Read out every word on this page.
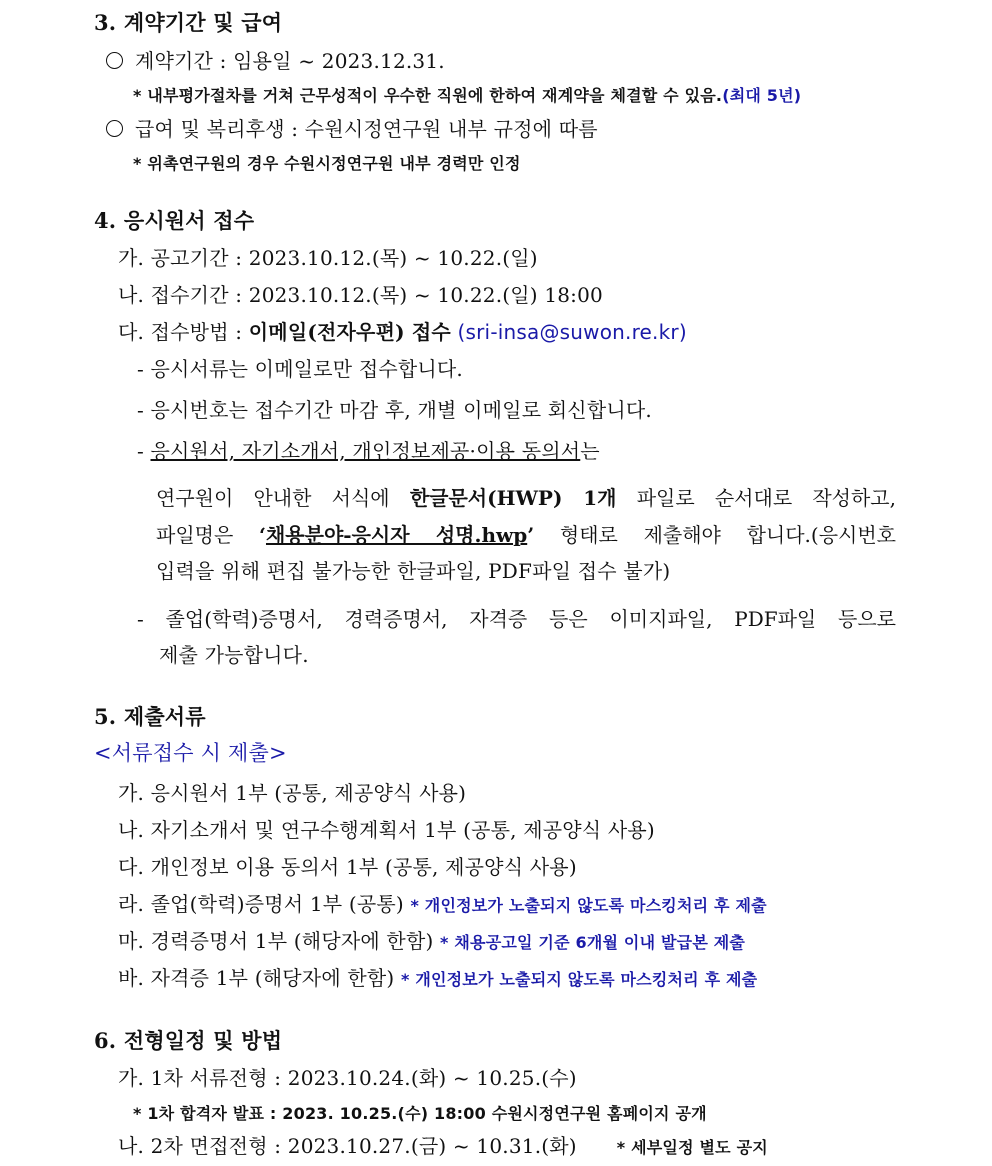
3. 계약기간 및 급여
계약기간 : 임용일 ~ 2023.12.31.
* 내부평가절차를 거쳐 근무성적이 우수한 직원에 한하여 재계약을 체결할 수 있음.(최대 5년)
급여 및 복리후생 : 수원시정연구원 내부 규정에 따름
* 위촉연구원의 경우 수원시정연구원 내부 경력만 인정
4. 응시원서 접수
가. 공고기간 : 2023.10.12.(목) ~ 10.22.(일)
나. 접수기간 : 2023.10.12.(목) ~ 10.22.(일) 18:00
다. 접수방법 : 이메일(전자우편) 접수 (sri-insa@suwon.re.kr)
- 응시서류는 이메일로만 접수합니다.
- 응시번호는 접수기간 마감 후, 개별 이메일로 회신합니다.
- 응시원서, 자기소개서, 개인정보제공·이용 동의서는
연구원이 안내한 서식에 한글문서(HWP) 1개 파일로 순서대로 작성하고,
파일명은 ‘채용분야-응시자 성명.hwp’ 형태로 제출해야 합니다.(응시번호
입력을 위해 편집 불가능한 한글파일, PDF파일 접수 불가)
- 졸업(학력)증명서, 경력증명서, 자격증 등은 이미지파일, PDF파일 등으로
제출 가능합니다.
5. 제출서류
<서류접수 시 제출>
가. 응시원서 1부 (공통, 제공양식 사용)
나. 자기소개서 및 연구수행계획서 1부 (공통, 제공양식 사용)
다. 개인정보 이용 동의서 1부 (공통, 제공양식 사용)
라. 졸업(학력)증명서 1부 (공통) * 개인정보가 노출되지 않도록 마스킹처리 후 제출
마. 경력증명서 1부 (해당자에 한함) * 채용공고일 기준 6개월 이내 발급본 제출
바. 자격증 1부 (해당자에 한함) * 개인정보가 노출되지 않도록 마스킹처리 후 제출
6. 전형일정 및 방법
가. 1차 서류전형 : 2023.10.24.(화) ~ 10.25.(수)
* 1차 합격자 발표 : 2023. 10.25.(수) 18:00 수원시정연구원 홈페이지 공개
나. 2차 면접전형 : 2023.10.27.(금) ~ 10.31.(화)	* 세부일정 별도 공지
